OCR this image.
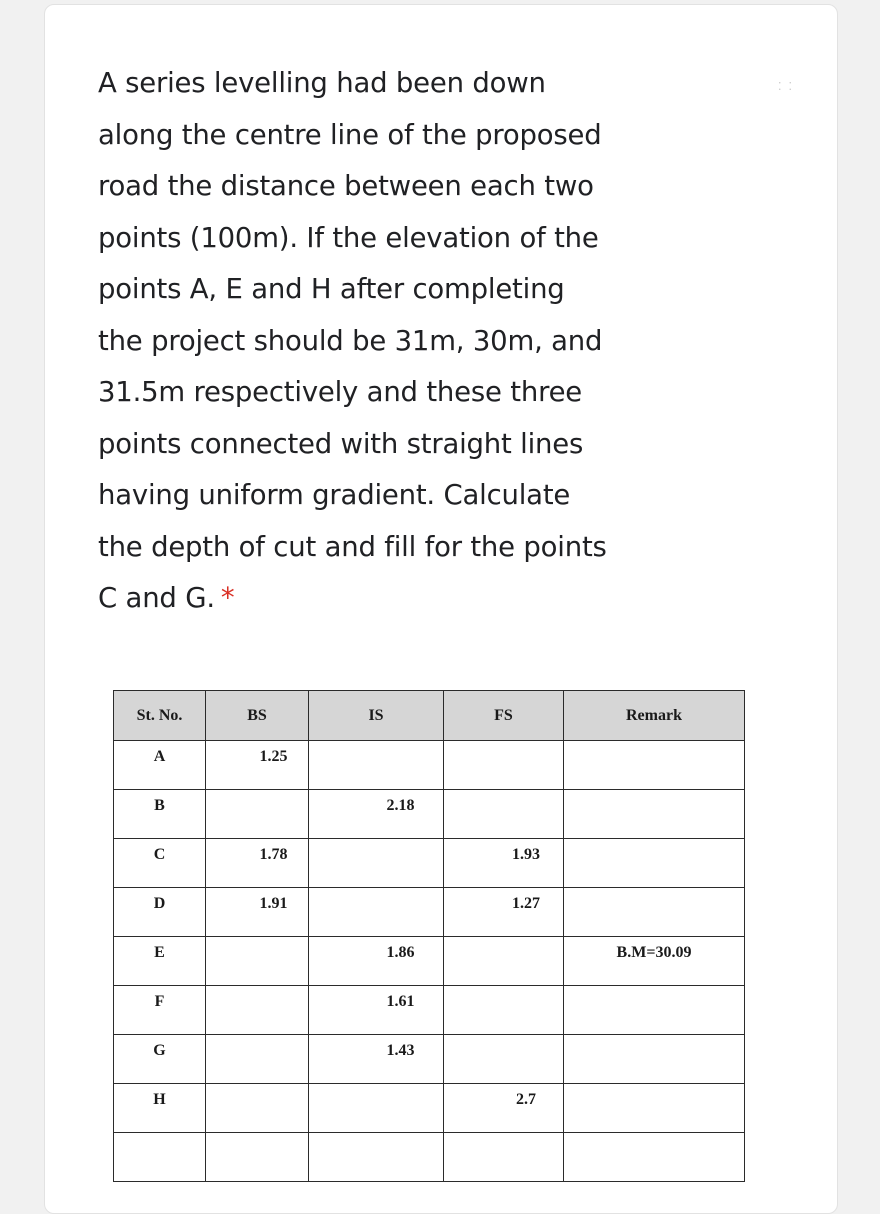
A series levelling had been down
along the centre line of the proposed
road the distance between each two
points (100m). If the elevation of the
points A, E and H after completing
the project should be 31m, 30m, and
31.5m respectively and these three
points connected with straight lines
having uniform gradient. Calculate
the depth of cut and fill for the points
C and G. *
⁚ ⁚
St. No.	BS	IS	FS	Remark
A	1.25			
B		2.18		
C	1.78		1.93	
D	1.91		1.27	
E		1.86		B.M=30.09
F		1.61		
G		1.43		
H			2.7	
